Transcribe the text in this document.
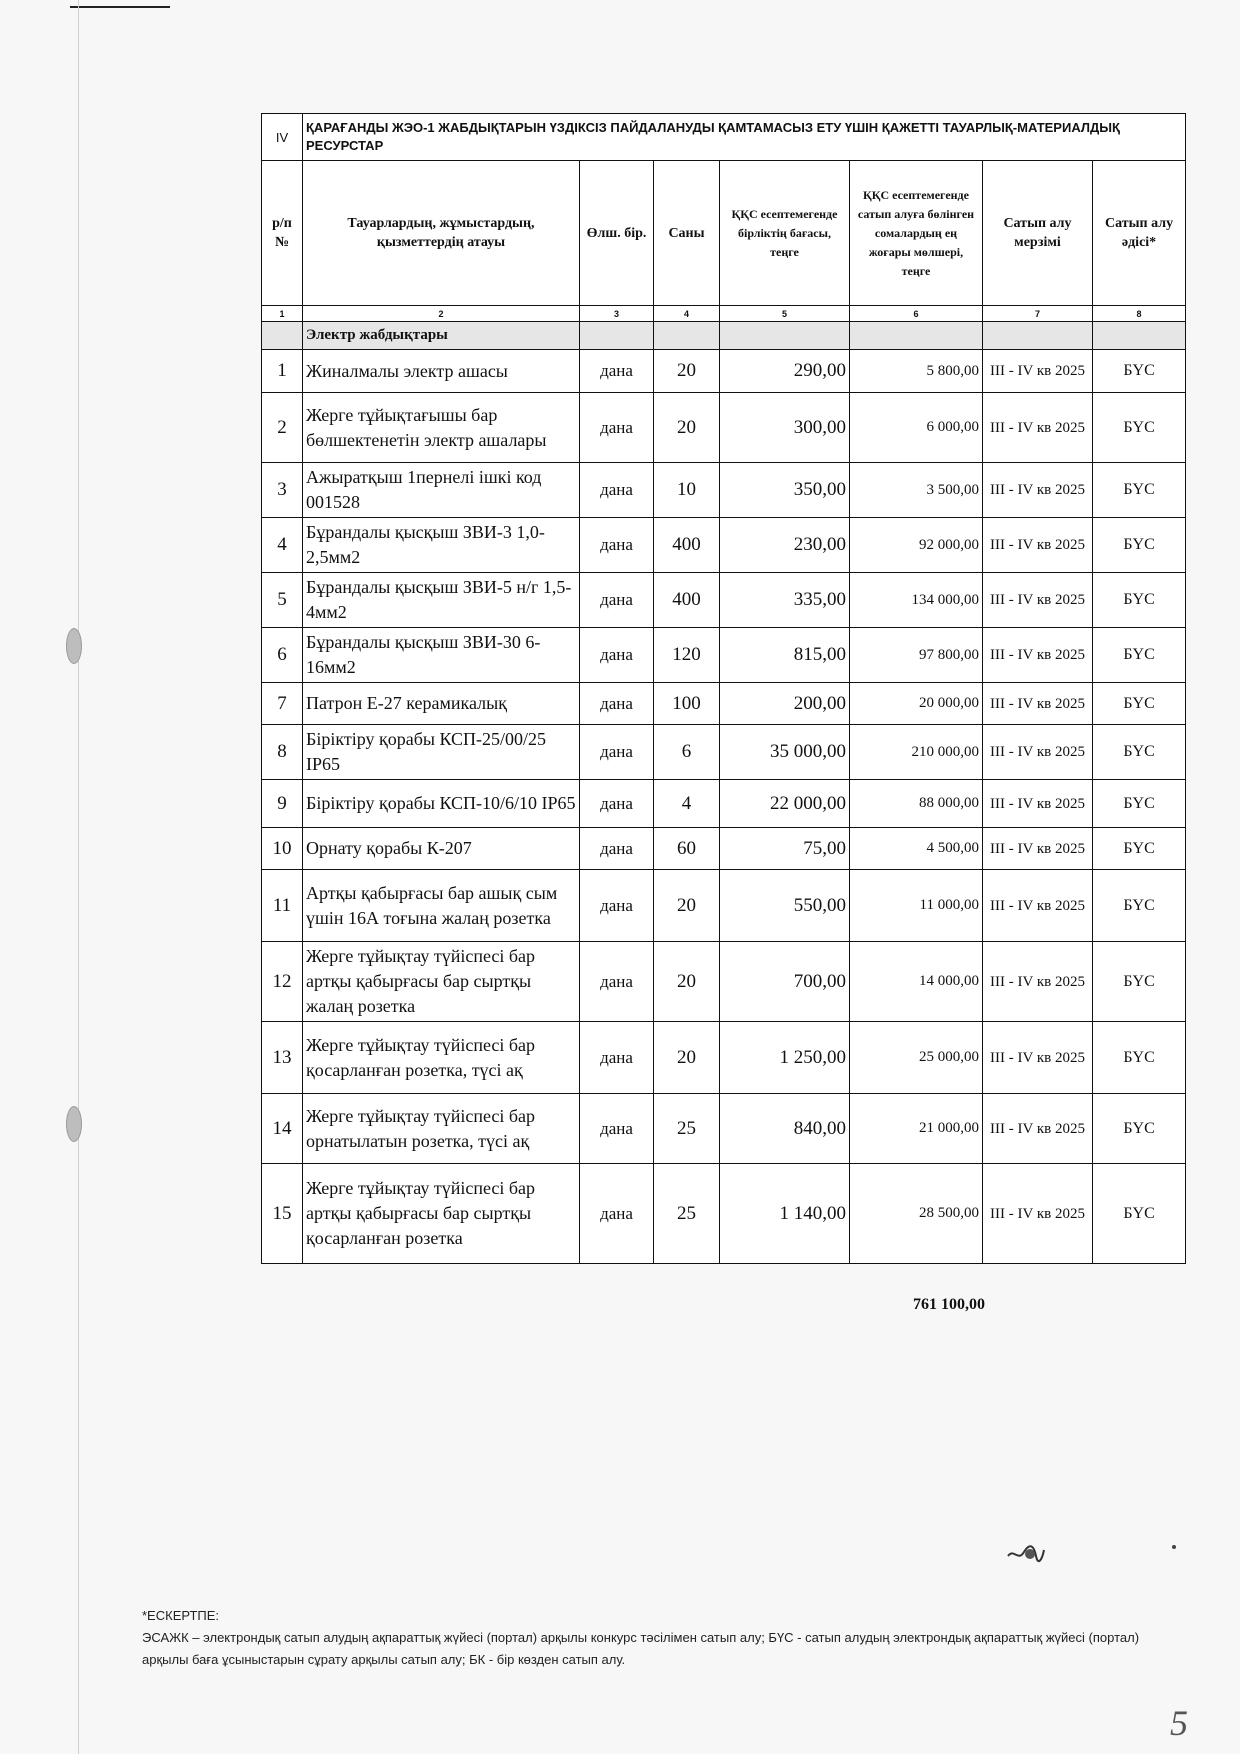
IV	ҚАРАҒАНДЫ ЖЭО-1 ЖАБДЫҚТАРЫН ҮЗДІКСІЗ ПАЙДАЛАНУДЫ ҚАМТАМАСЫЗ ЕТУ ҮШІН ҚАЖЕТТІ ТАУАРЛЫҚ-МАТЕРИАЛДЫҚ РЕСУРСТАР						
р/п №	Тауарлардың, жұмыстардың, қызметтердің атауы	Өлш. бір.	Саны	ҚҚС есептемегенде бірліктің бағасы, теңге	ҚҚС есептемегенде сатып алуға бөлінген сомалардың ең жоғары мөлшері, теңге	Сатып алу мерзімі	Сатып алу әдісі*
1	2	3	4	5	6	7	8
	Электр жабдықтары						
1	Жиналмалы электр ашасы	дана	20	290,00	5 800,00	III - IV кв 2025	БҮС
2	Жерге тұйықтағышы бар бөлшектенетін электр ашалары	дана	20	300,00	6 000,00	III - IV кв 2025	БҮС
3	Ажыратқыш 1пернелі ішкі код 001528	дана	10	350,00	3 500,00	III - IV кв 2025	БҮС
4	Бұрандалы қысқыш ЗВИ-3 1,0-2,5мм2	дана	400	230,00	92 000,00	III - IV кв 2025	БҮС
5	Бұрандалы қысқыш ЗВИ-5 н/г 1,5-4мм2	дана	400	335,00	134 000,00	III - IV кв 2025	БҮС
6	Бұрандалы қысқыш ЗВИ-30 6-16мм2	дана	120	815,00	97 800,00	III - IV кв 2025	БҮС
7	Патрон Е-27 керамикалық	дана	100	200,00	20 000,00	III - IV кв 2025	БҮС
8	Біріктіру қорабы КСП-25/00/25 IP65	дана	6	35 000,00	210 000,00	III - IV кв 2025	БҮС
9	Біріктіру қорабы КСП-10/6/10 IP65	дана	4	22 000,00	88 000,00	III - IV кв 2025	БҮС
10	Орнату қорабы К-207	дана	60	75,00	4 500,00	III - IV кв 2025	БҮС
11	Артқы қабырғасы бар ашық сым үшін 16А тоғына жалаң розетка	дана	20	550,00	11 000,00	III - IV кв 2025	БҮС
12	Жерге тұйықтау түйіспесі бар артқы қабырғасы бар сыртқы жалаң розетка	дана	20	700,00	14 000,00	III - IV кв 2025	БҮС
13	Жерге тұйықтау түйіспесі бар қосарланған розетка, түсі ақ	дана	20	1 250,00	25 000,00	III - IV кв 2025	БҮС
14	Жерге тұйықтау түйіспесі бар орнатылатын розетка, түсі ақ	дана	25	840,00	21 000,00	III - IV кв 2025	БҮС
15	Жерге тұйықтау түйіспесі бар артқы қабырғасы бар сыртқы қосарланған розетка	дана	25	1 140,00	28 500,00	III - IV кв 2025	БҮС
761 100,00
*ЕСКЕРТПЕ:
ЭСАЖК – электрондық сатып алудың ақпараттық жүйесі (портал) арқылы конкурс тәсілімен сатып алу; БҮС - сатып алудың электрондық ақпараттық жүйесі (портал) арқылы баға ұсыныстарын сұрату арқылы сатып алу; БК - бір көзден сатып алу.
5
